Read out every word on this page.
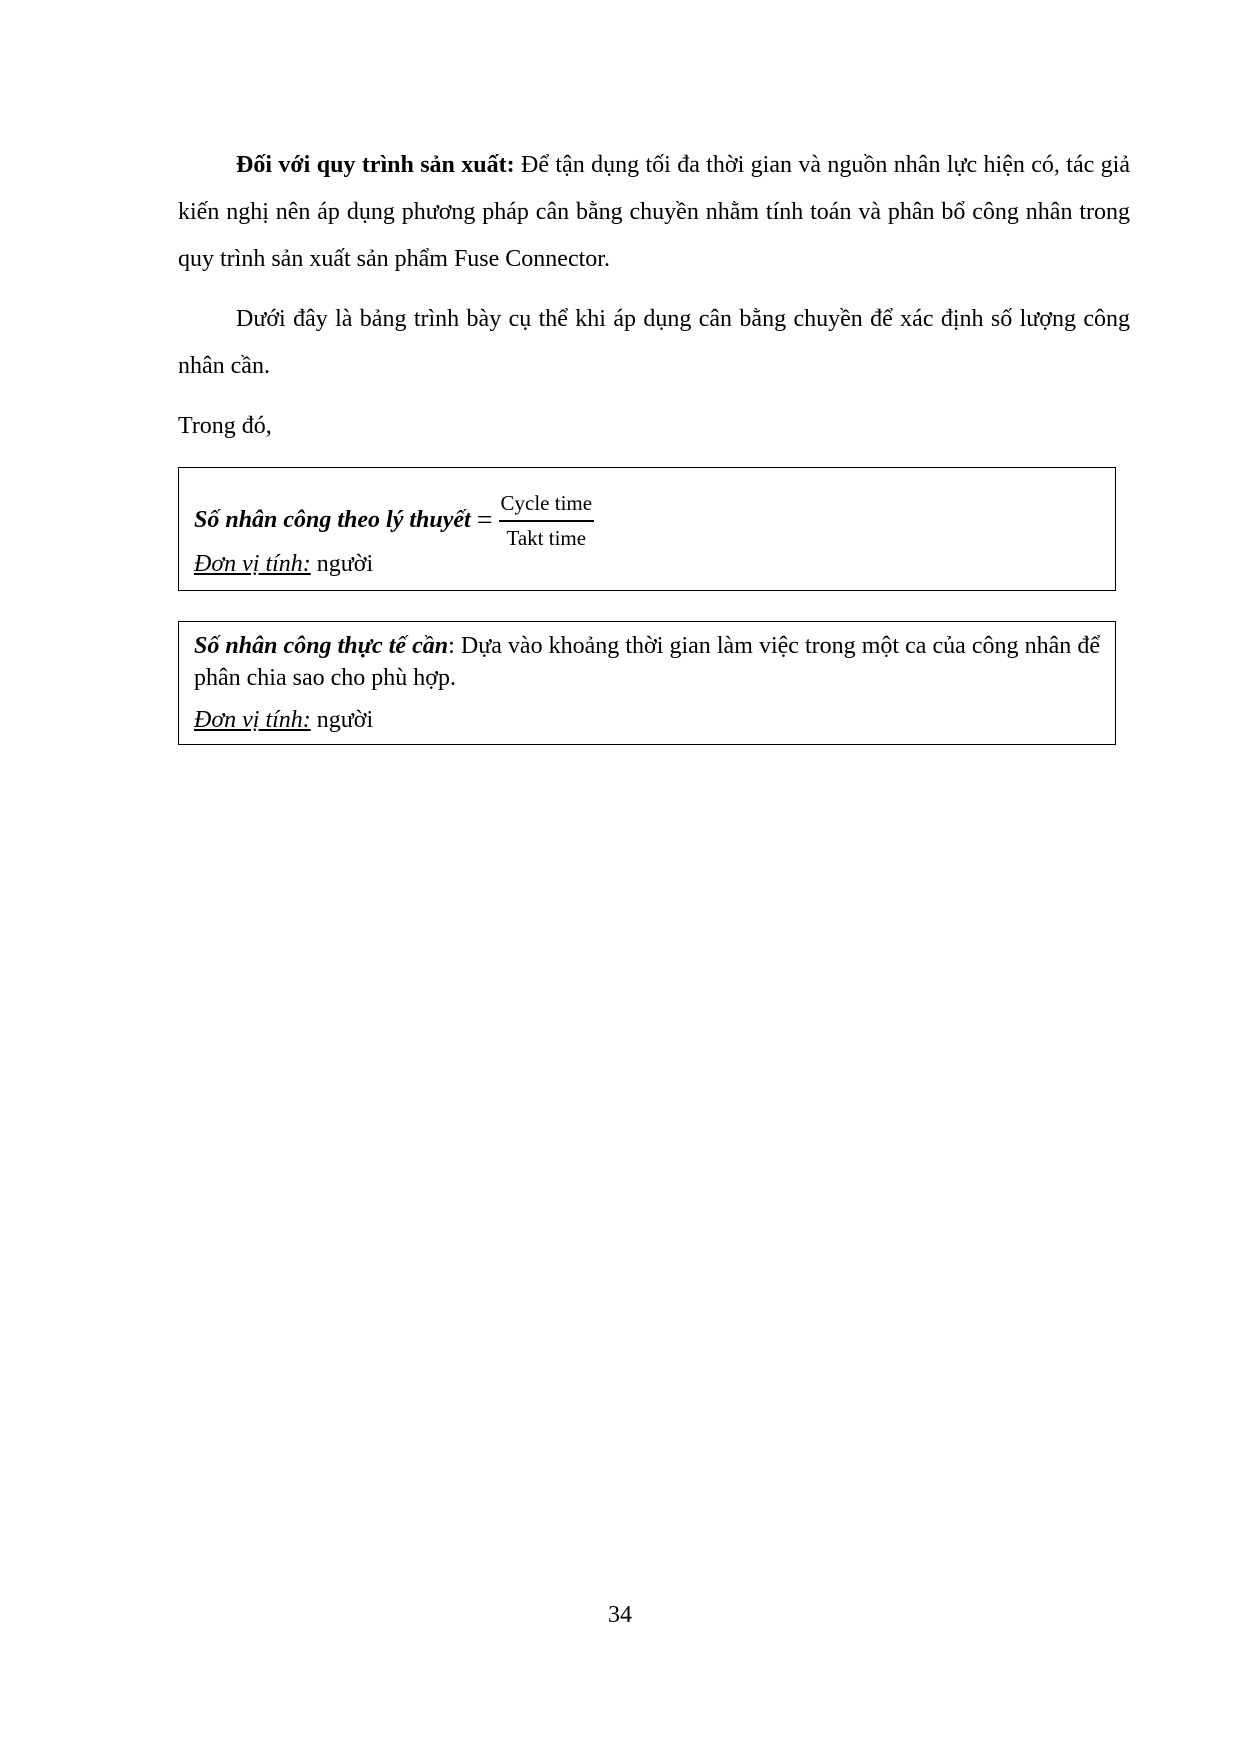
Đối với quy trình sản xuất: Để tận dụng tối đa thời gian và nguồn nhân lực hiện có, tác giả kiến nghị nên áp dụng phương pháp cân bằng chuyền nhằm tính toán và phân bổ công nhân trong quy trình sản xuất sản phẩm Fuse Connector.

Dưới đây là bảng trình bày cụ thể khi áp dụng cân bằng chuyền để xác định số lượng công nhân cần.

Trong đó,

Số nhân công theo lý thuyết = $\frac{\text{Cycle time}}{\text{Takt time}}$
Đơn vị tính: người
Số nhân công thực tế cần: Dựa vào khoảng thời gian làm việc trong một ca của công nhân để phân chia sao cho phù hợp.
Đơn vị tính: người
34
